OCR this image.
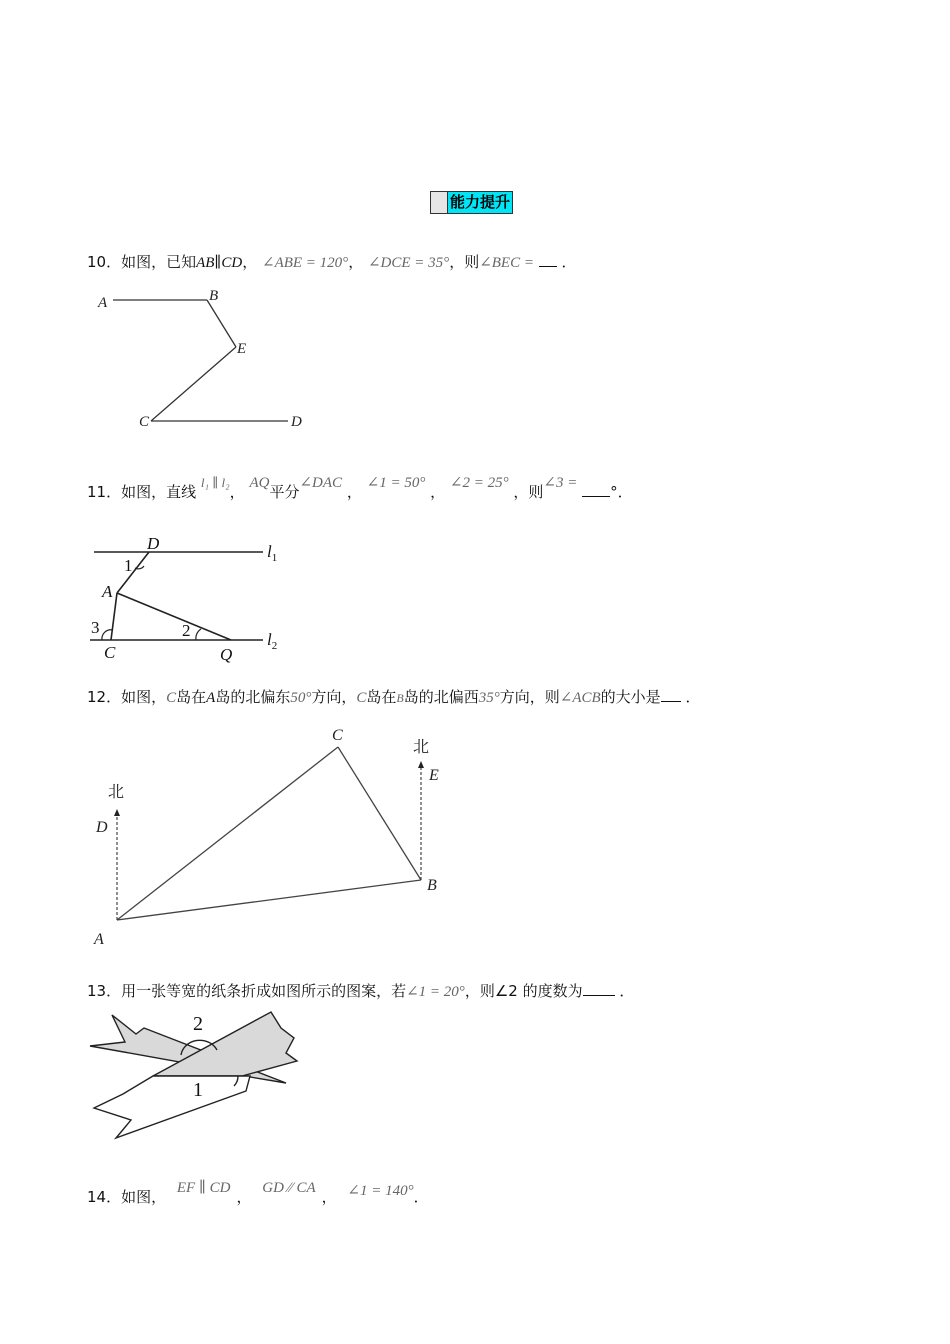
能力提升
10．如图，已知AB∥CD， ∠ABE = 120°， ∠DCE = 35°，则∠BEC = ．
A	B
E
C	D
11．如图，直线 l₁ ∥ l₂， AQ平分∠DAC ， ∠1 = 50° ， ∠2 = 25° ，则∠3 = °．
D
1
A
3	2
C	Q
$l_1$
$l_2$
12．如图，C岛在A岛的北偏东50°方向，C岛在B岛的北偏西35°方向，则∠ACB的大小是 ．
C
A
B
D
E
北
北
13．用一张等宽的纸条折成如图所示的图案，若∠1 = 20°，则∠2 的度数为 ．
2
1
14．如图， EF ∥ CD ， GD ⁄⁄ CA ， ∠1 = 140°．
